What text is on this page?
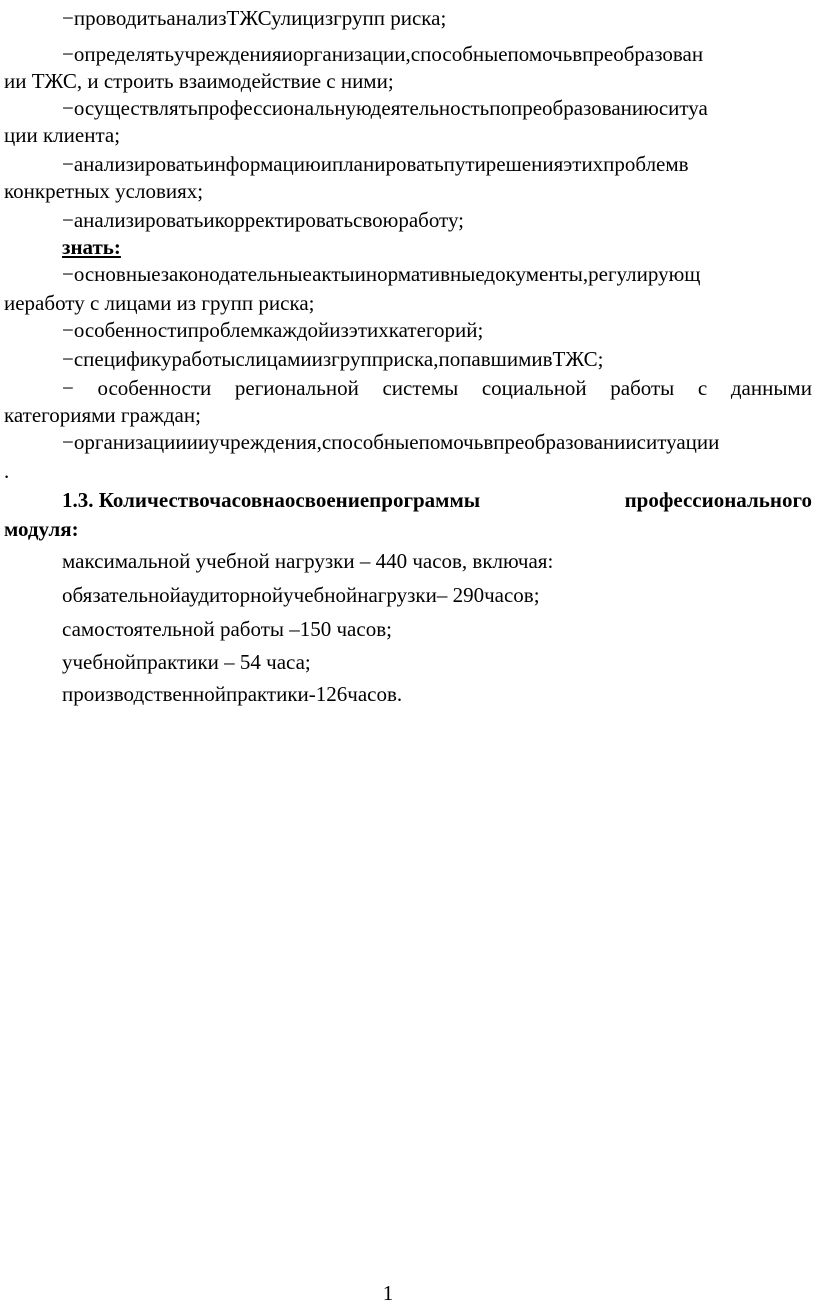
−проводитьанализТЖСулицизгрупп риска;
−определятьучрежденияиорганизации,способныепомочьвпреобразован
ии ТЖС, и строить взаимодействие с ними;
−осуществлятьпрофессиональнуюдеятельностьпопреобразованиюситуа
ции клиента;
−анализироватьинформациюипланироватьпутирешенияэтихпроблемв
конкретных условиях;
−анализироватьикорректироватьсвоюработу;
знать:
−основныезаконодательныеактыинормативныедокументы,регулирующ
иеработу с лицами из групп риска;
−особенностипроблемкаждойизэтихкатегорий;
−спецификуработыслицамиизгрупприска,попавшимивТЖС;
− особенности региональной системы социальной работы с данными
категориями граждан;
−организацииииучреждения,способныепомочьвпреобразованииситуации
.
1.3. Количествочасовнаосвоениепрограммы	профессионального
модуля:
максимальной учебной нагрузки – 440 часов, включая:
обязательнойаудиторнойучебнойнагрузки– 290часов;
самостоятельной работы –150 часов;
учебнойпрактики – 54 часа;
производственнойпрактики-126часов.
1
